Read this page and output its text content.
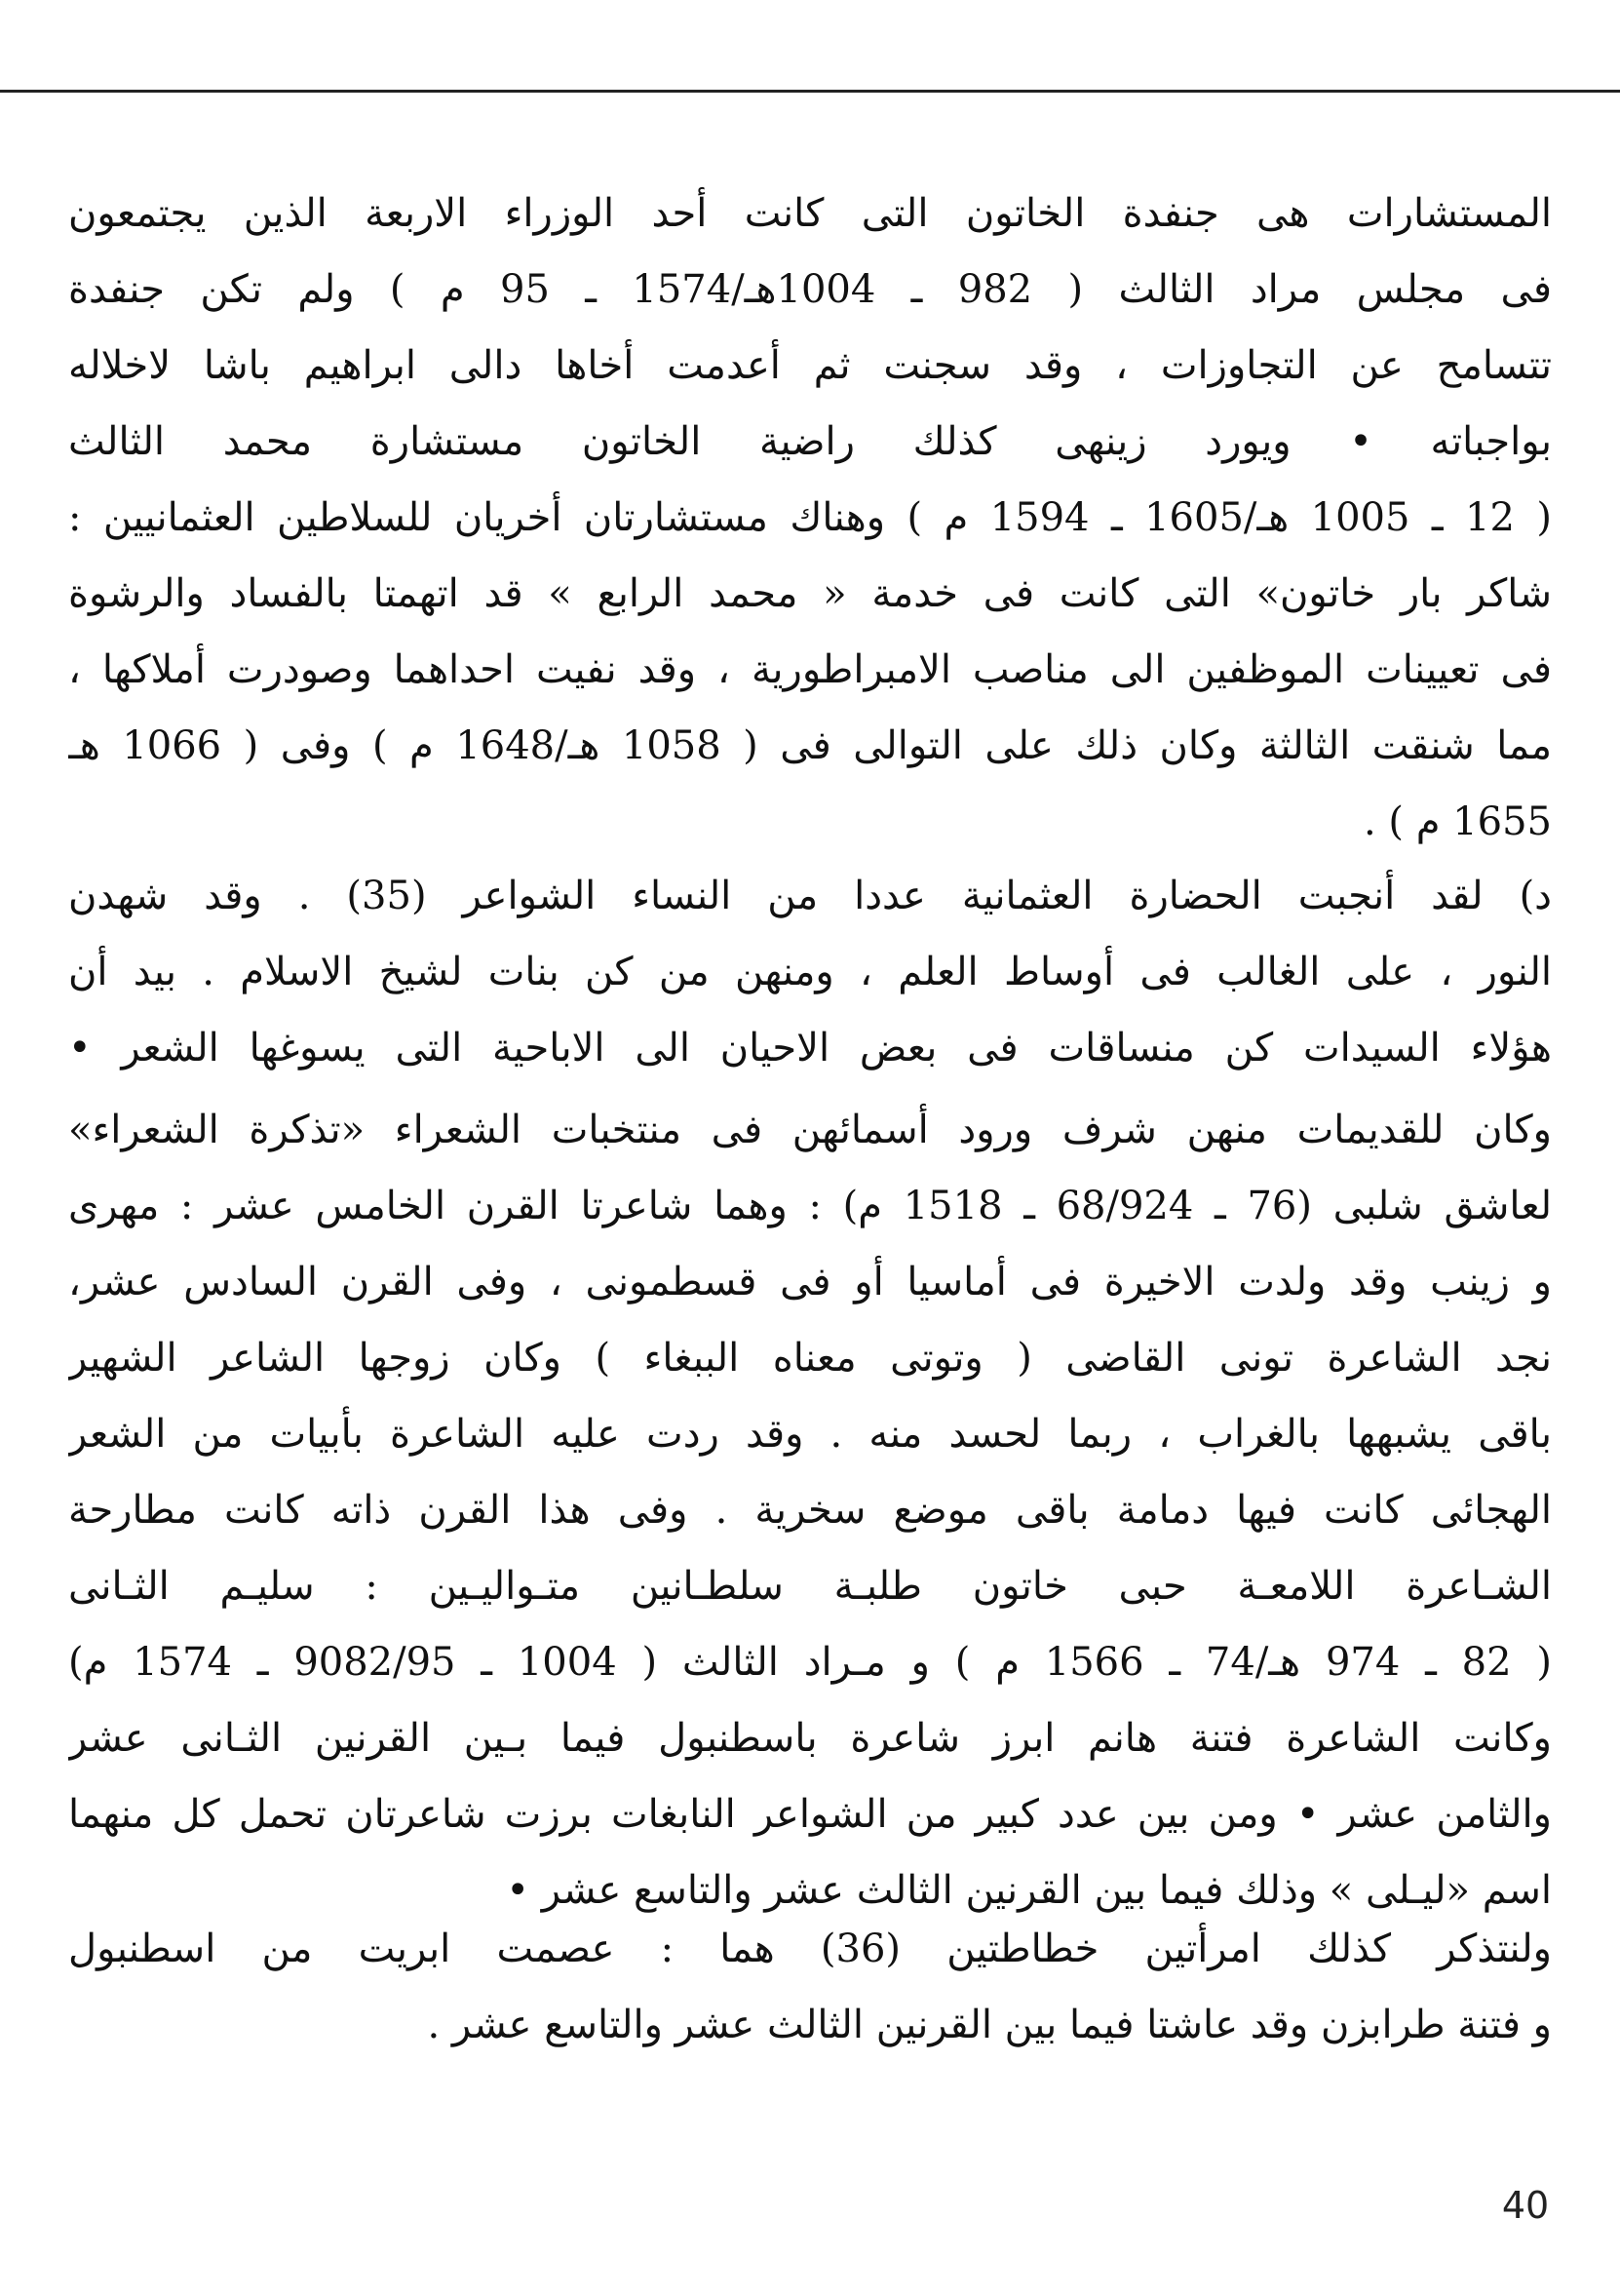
المستشارات هى جنفدة الخاتون التى كانت أحد الوزراء الاربعة الذين يجتمعون
فى مجلس مراد الثالث ( 982 ـ 1004هـ/1574 ـ 95 م ) ولم تكن جنفدة
تتسامح عن التجاوزات ، وقد سجنت ثم أعدمت أخاها دالى ابراهيم باشا لاخلاله
بواجباته • ويورد زينهى كذلك راضية الخاتون مستشارة محمد الثالث
( 12 ـ 1005 هـ/1605 ـ 1594 م ) وهناك مستشارتان أخريان للسلاطين العثمانيين :
شاكر بار خاتون» التى كانت فى خدمة « محمد الرابع » قد اتهمتا بالفساد والرشوة
فى تعيينات الموظفين الى مناصب الامبراطورية ، وقد نفيت احداهما وصودرت أملاكها ،
مما شنقت الثالثة وكان ذلك على التوالى فى ( 1058 هـ/1648 م ) وفى ( 1066 هـ
1655 م ) .
د) لقد أنجبت الحضارة العثمانية عددا من النساء الشواعر (35) . وقد شهدن
النور ، على الغالب فى أوساط العلم ، ومنهن من كن بنات لشيخ الاسلام . بيد أن
هؤلاء السيدات كن منساقات فى بعض الاحيان الى الاباحية التى يسوغها الشعر •
وكان للقديمات منهن شرف ورود أسمائهن فى منتخبات الشعراء «تذكرة الشعراء»
لعاشق شلبى (76 ـ 68/924 ـ 1518 م) : وهما شاعرتا القرن الخامس عشر : مهرى
و زينب وقد ولدت الاخيرة فى أماسيا أو فى قسطمونى ، وفى القرن السادس عشر،
نجد الشاعرة تونى القاضى ( وتوتى معناه الببغاء ) وكان زوجها الشاعر الشهير
باقى يشبهها بالغراب ، ربما لحسد منه . وقد ردت عليه الشاعرة بأبيات من الشعر
الهجائى كانت فيها دمامة باقى موضع سخرية . وفى هذا القرن ذاته كانت مطارحة
الشـاعرة اللامعـة حبى خاتون طلبـة سلطـانين متـواليـين : سليـم الثـانى
( 82 ـ 974 هـ/74 ـ 1566 م ) و مـراد الثالث ( 1004 ـ 9082/95 ـ 1574 م)
وكانت الشاعرة فتنة هانم ابرز شاعرة باسطنبول فيما بـين القرنين الثـانى عشر
والثامن عشر • ومن بين عدد كبير من الشواعر النابغات برزت شاعرتان تحمل كل منهما
اسم «ليـلى » وذلك فيما بين القرنين الثالث عشر والتاسع عشر •
ولنتذكر كذلك امرأتين خطاطتين (36) هما : عصمت ابريت من اسطنبول
و فتنة طرابزن وقد عاشتا فيما بين القرنين الثالث عشر والتاسع عشر .
40
